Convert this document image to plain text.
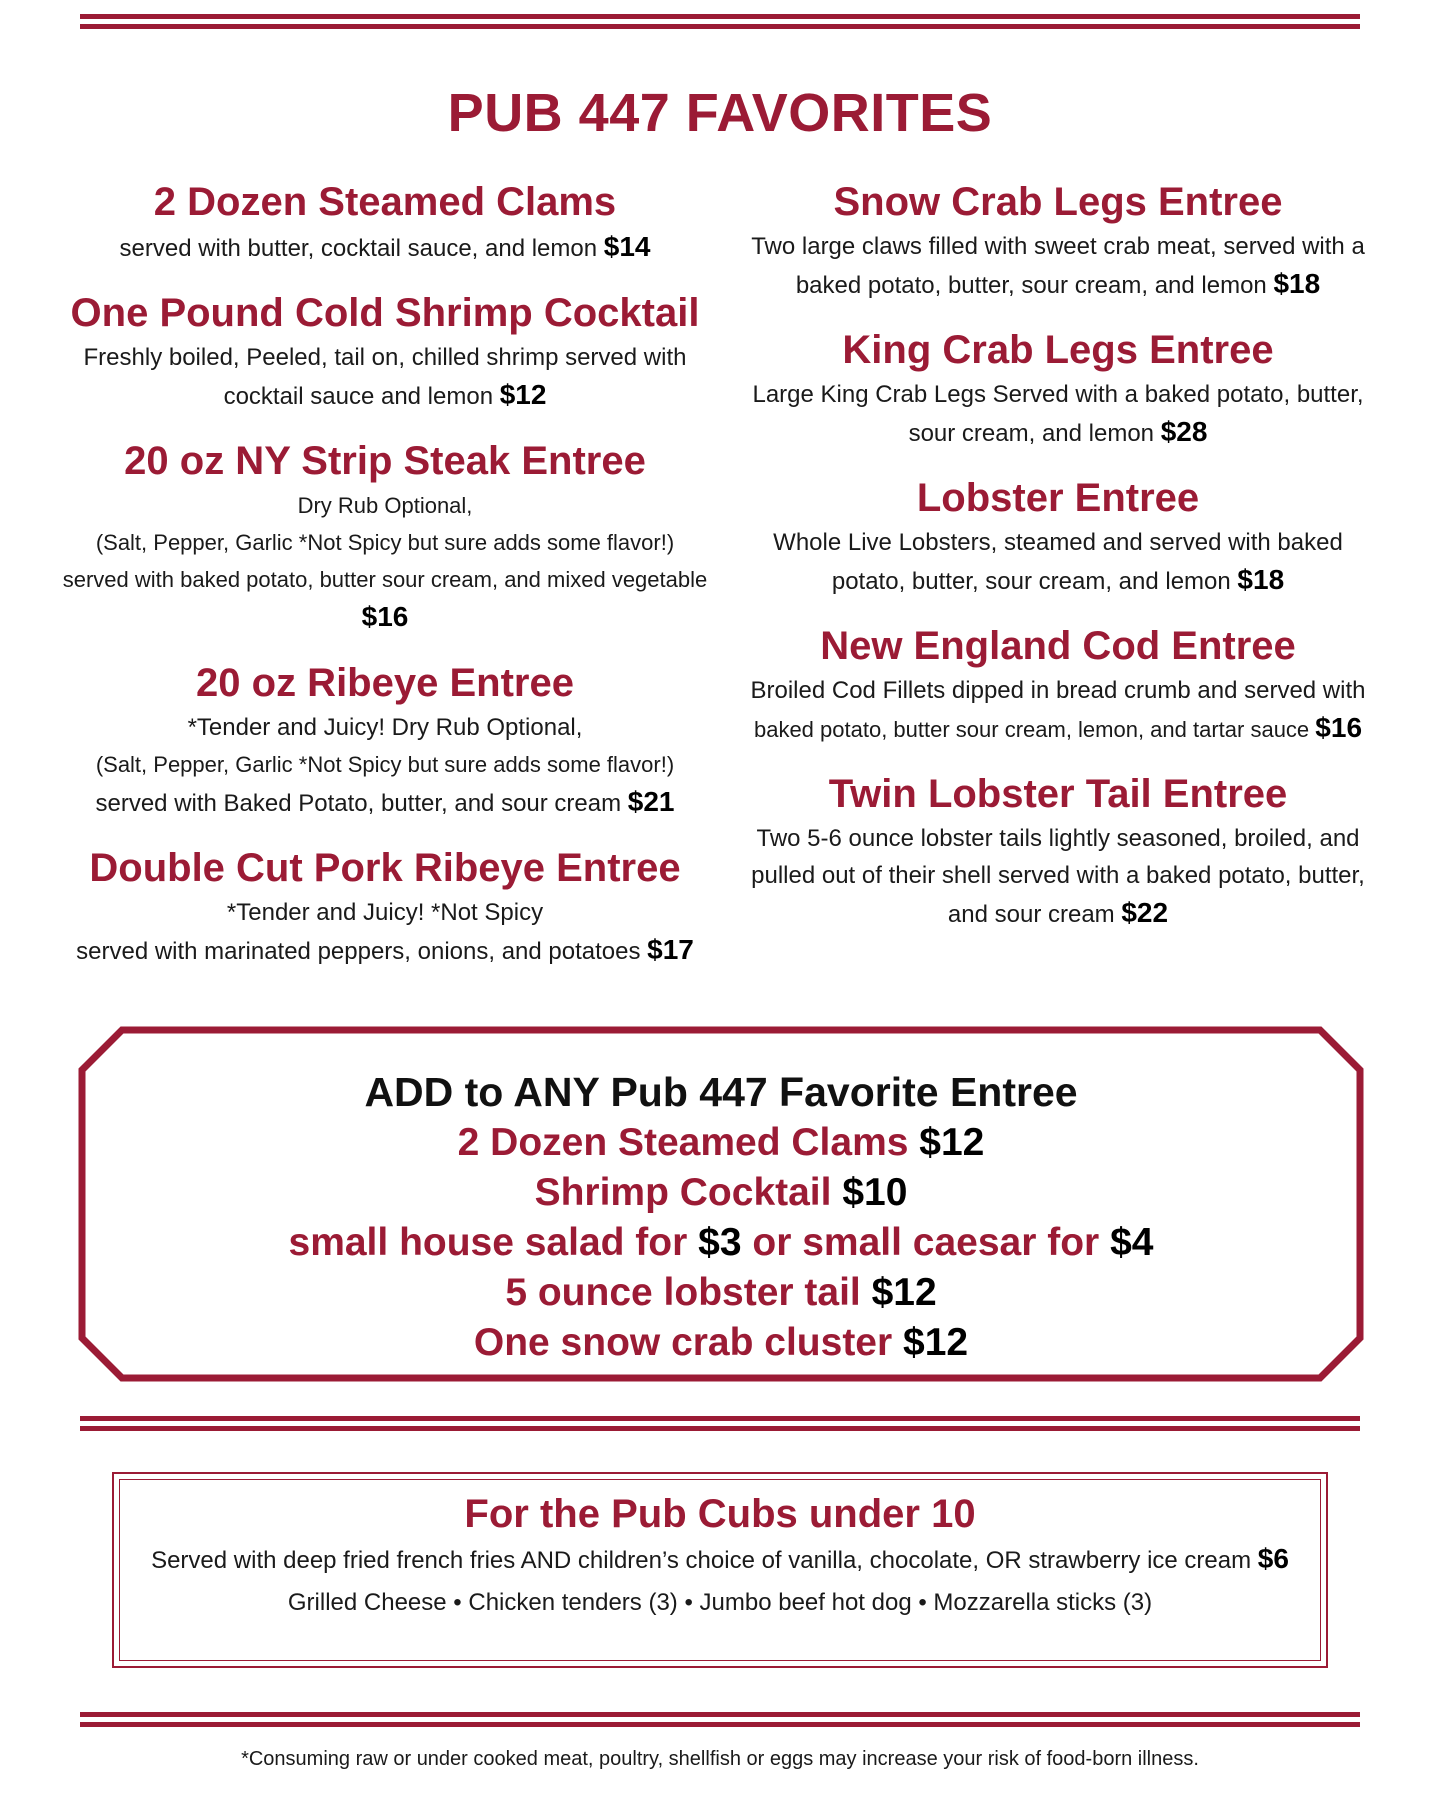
PUB 447 FAVORITES
2 Dozen Steamed Clams
served with butter, cocktail sauce, and lemon $14
One Pound Cold Shrimp Cocktail
Freshly boiled, Peeled, tail on, chilled shrimp served with
cocktail sauce and lemon $12
20 oz NY Strip Steak Entree
Dry Rub Optional,
(Salt, Pepper, Garlic *Not Spicy but sure adds some flavor!)
served with baked potato, butter sour cream, and mixed vegetable $16
20 oz Ribeye Entree
*Tender and Juicy! Dry Rub Optional,
(Salt, Pepper, Garlic *Not Spicy but sure adds some flavor!)
served with Baked Potato, butter, and sour cream $21
Double Cut Pork Ribeye Entree
*Tender and Juicy! *Not Spicy
served with marinated peppers, onions, and potatoes $17
Snow Crab Legs Entree
Two large claws filled with sweet crab meat, served with a
baked potato, butter, sour cream, and lemon $18
King Crab Legs Entree
Large King Crab Legs Served with a baked potato, butter,
sour cream, and lemon $28
Lobster Entree
Whole Live Lobsters, steamed and served with baked
potato, butter, sour cream, and lemon $18
New England Cod Entree
Broiled Cod Fillets dipped in bread crumb and served with
baked potato, butter sour cream, lemon, and tartar sauce $16
Twin Lobster Tail Entree
Two 5-6 ounce lobster tails lightly seasoned, broiled, and
pulled out of their shell served with a baked potato, butter,
and sour cream $22
ADD to ANY Pub 447 Favorite Entree
2 Dozen Steamed Clams $12
Shrimp Cocktail $10
small house salad for $3 or small caesar for $4
5 ounce lobster tail $12
One snow crab cluster $12
For the Pub Cubs under 10
Served with deep fried french fries AND children’s choice of vanilla, chocolate, OR strawberry ice cream $6
Grilled Cheese • Chicken tenders (3) • Jumbo beef hot dog • Mozzarella sticks (3)
*Consuming raw or under cooked meat, poultry, shellfish or eggs may increase your risk of food-born illness.
